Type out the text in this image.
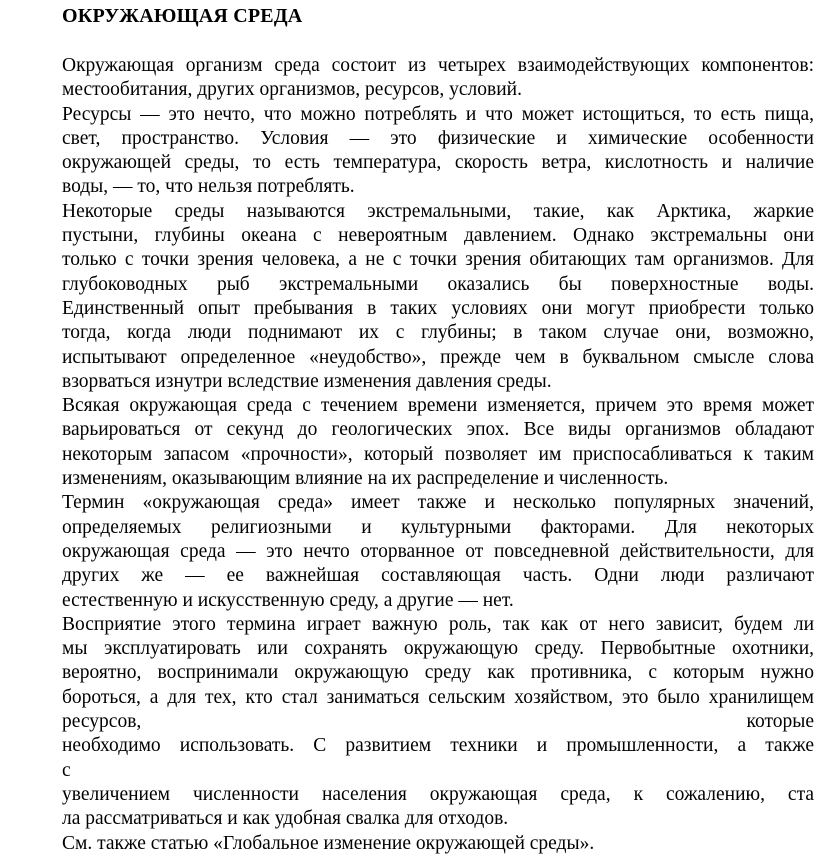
ОКРУЖАЮЩАЯ СРЕДА
Окружающая организм среда состоит из четырех взаимодействующих компонентов:
местообитания, других организмов, ресурсов, условий.
Ресурсы — это нечто, что можно потреблять и что может истощиться, то есть пища,
свет, пространство. Условия — это физические и химические особенности
окружающей среды, то есть температура, скорость ветра, кислотность и наличие
воды, — то, что нельзя потреблять.
Некоторые среды называются экстремальными, такие, как Арктика, жаркие
пустыни, глубины океана с невероятным давлением. Однако экстремальны они
только с точки зрения человека, а не с точки зрения обитающих там организмов. Для
глубоководных рыб экстремальными оказались бы поверхностные воды.
Единственный опыт пребывания в таких условиях они могут приобрести только
тогда, когда люди поднимают их с глубины; в таком случае они, возможно,
испытывают определенное «неудобство», прежде чем в буквальном смысле слова
взорваться изнутри вследствие изменения давления среды.
Всякая окружающая среда с течением времени изменяется, причем это время может
варьироваться от секунд до геологических эпох. Все виды организмов обладают
некоторым запасом «прочности», который позволяет им приспосабливаться к таким
изменениям, оказывающим влияние на их распределение и численность.
Термин «окружающая среда» имеет также и несколько популярных значений,
определяемых религиозными и культурными факторами. Для некоторых
окружающая среда — это нечто оторванное от повседневной действительности, для
других же — ее важнейшая составляющая часть. Одни люди различают
естественную и искусственную среду, а другие — нет.
Восприятие этого термина играет важную роль, так как от него зависит, будем ли
мы эксплуатировать или сохранять окружающую среду. Первобытные охотники,
вероятно, воспринимали окружающую среду как противника, с которым нужно
бороться, а для тех, кто стал заниматься сельским хозяйством, это было хранилищем
ресурсов, которые
необходимо использовать. С развитием техники и промышленности, а также
с
увеличением численности населения окружающая среда, к сожалению, ста
ла рассматриваться и как удобная свалка для отходов.
См. также статью «Глобальное изменение окружающей среды».
